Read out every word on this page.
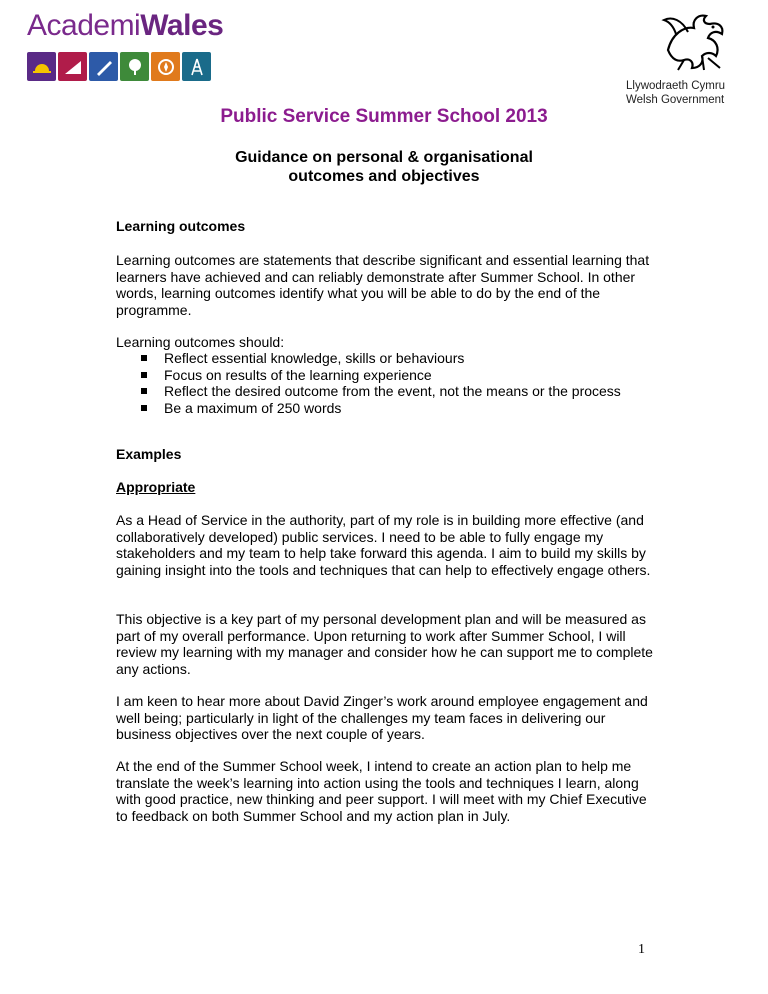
AcademiWales
Llywodraeth Cymru
Welsh Government
Public Service Summer School 2013
Guidance on personal & organisational
outcomes and objectives
Learning outcomes
Learning outcomes are statements that describe significant and essential learning that learners have achieved and can reliably demonstrate after Summer School. In other words, learning outcomes identify what you will be able to do by the end of the programme.
Learning outcomes should:
Reflect essential knowledge, skills or behaviours
Focus on results of the learning experience
Reflect the desired outcome from the event, not the means or the process
Be a maximum of 250 words
Examples
Appropriate
As a Head of Service in the authority, part of my role is in building more effective (and collaboratively developed) public services. I need to be able to fully engage my stakeholders and my team to help take forward this agenda. I aim to build my skills by gaining insight into the tools and techniques that can help to effectively engage others.
This objective is a key part of my personal development plan and will be measured as part of my overall performance. Upon returning to work after Summer School, I will review my learning with my manager and consider how he can support me to complete any actions.
I am keen to hear more about David Zinger’s work around employee engagement and well being; particularly in light of the challenges my team faces in delivering our business objectives over the next couple of years.
At the end of the Summer School week, I intend to create an action plan to help me translate the week’s learning into action using the tools and techniques I learn, along with good practice, new thinking and peer support. I will meet with my Chief Executive to feedback on both Summer School and my action plan in July.
1
